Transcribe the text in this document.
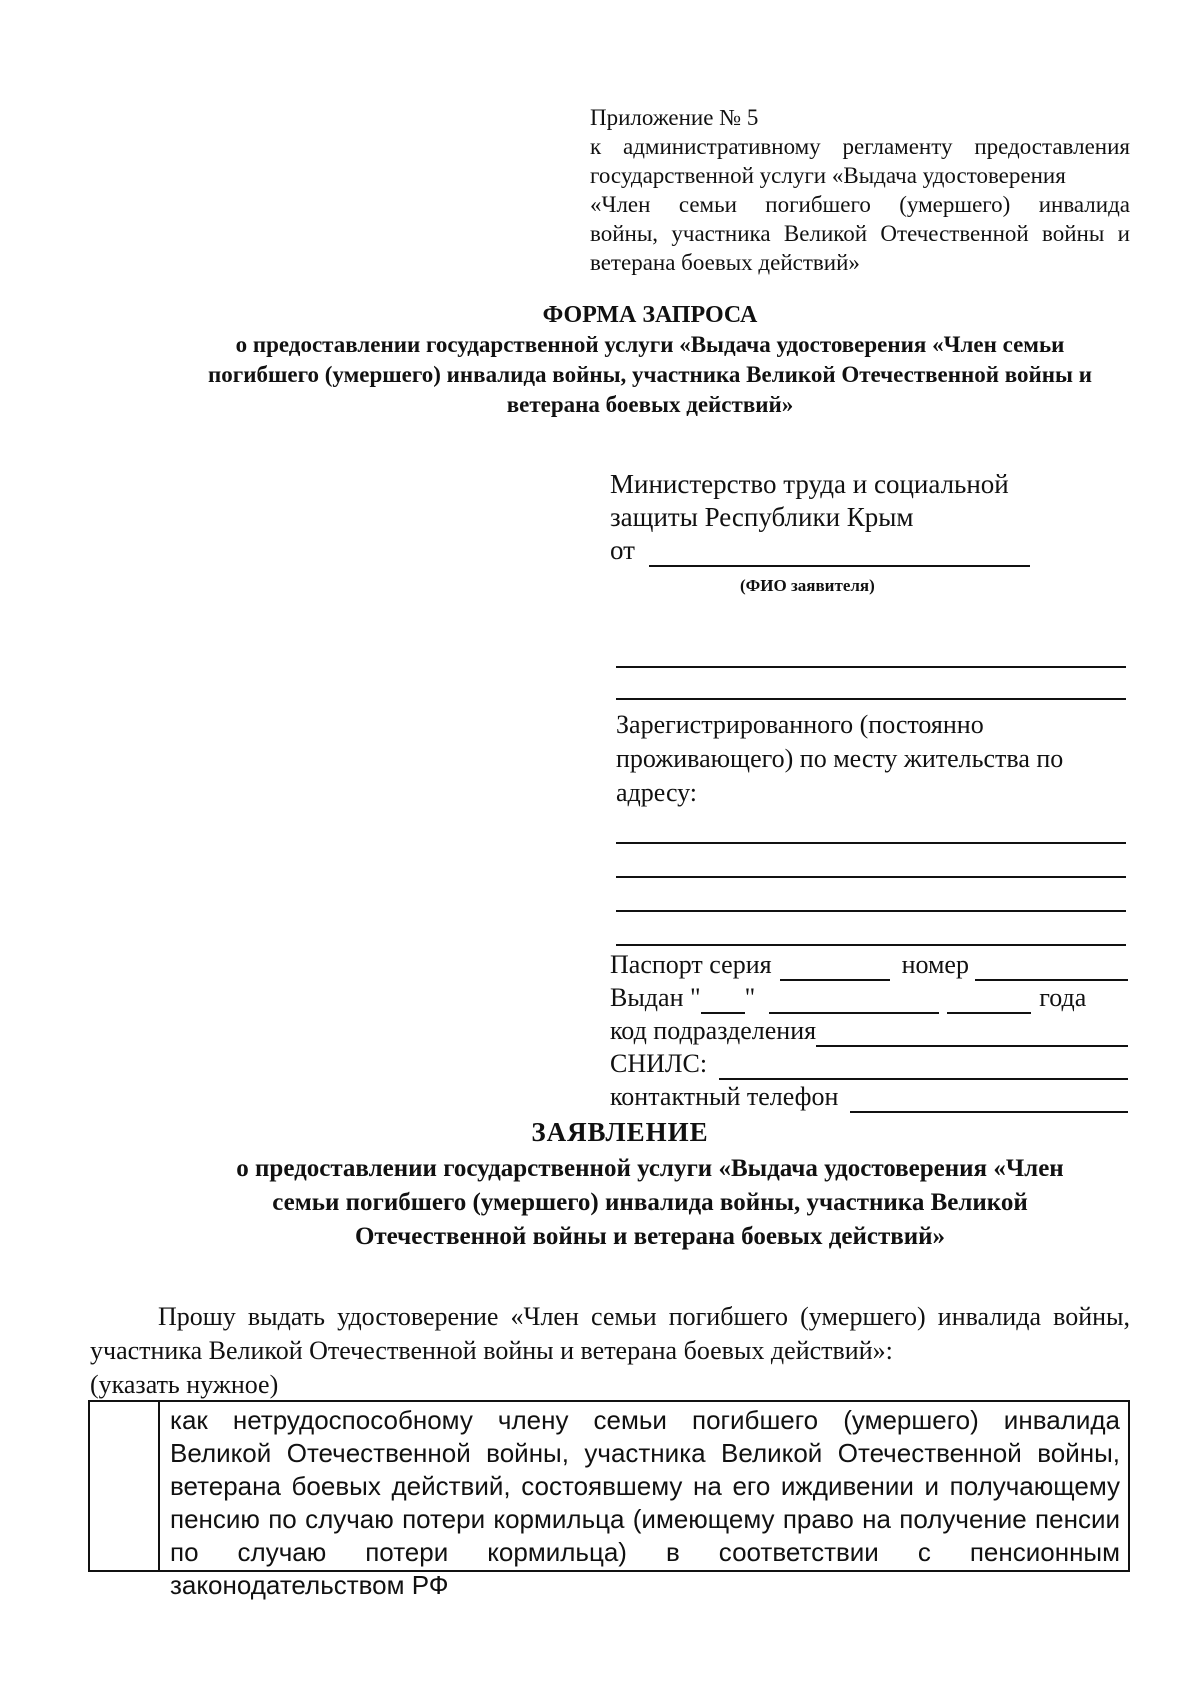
Приложение № 5
к административному регламенту предоставления
государственной услуги «Выдача удостоверения
«Член семьи погибшего (умершего) инвалида
войны, участника Великой Отечественной войны и
ветерана боевых действий»
ФОРМА ЗАПРОСА
о предоставлении государственной услуги «Выдача удостоверения «Член семьи
погибшего (умершего) инвалида войны, участника Великой Отечественной войны и
ветерана боевых действий»
Министерство труда и социальной
защиты Республики Крым
от
(ФИО заявителя)
Зарегистрированного (постоянно
проживающего) по месту жительства по
адресу:
Паспорт серия	номер
Выдан " "	года
код подразделения
СНИЛС:
контактный телефон
ЗАЯВЛЕНИЕ
о предоставлении государственной услуги «Выдача удостоверения «Член
семьи погибшего (умершего) инвалида войны, участника Великой
Отечественной войны и ветерана боевых действий»
Прошу выдать удостоверение «Член семьи погибшего (умершего) инвалида войны, участника Великой Отечественной войны и ветерана боевых действий»:
(указать нужное)
как нетрудоспособному члену семьи погибшего (умершего) инвалида Великой Отечественной войны, участника Великой Отечественной войны, ветерана боевых действий, состоявшему на его иждивении и получающему пенсию по случаю потери кормильца (имеющему право на получение пенсии по случаю потери кормильца) в соответствии с пенсионным законодательством РФ
